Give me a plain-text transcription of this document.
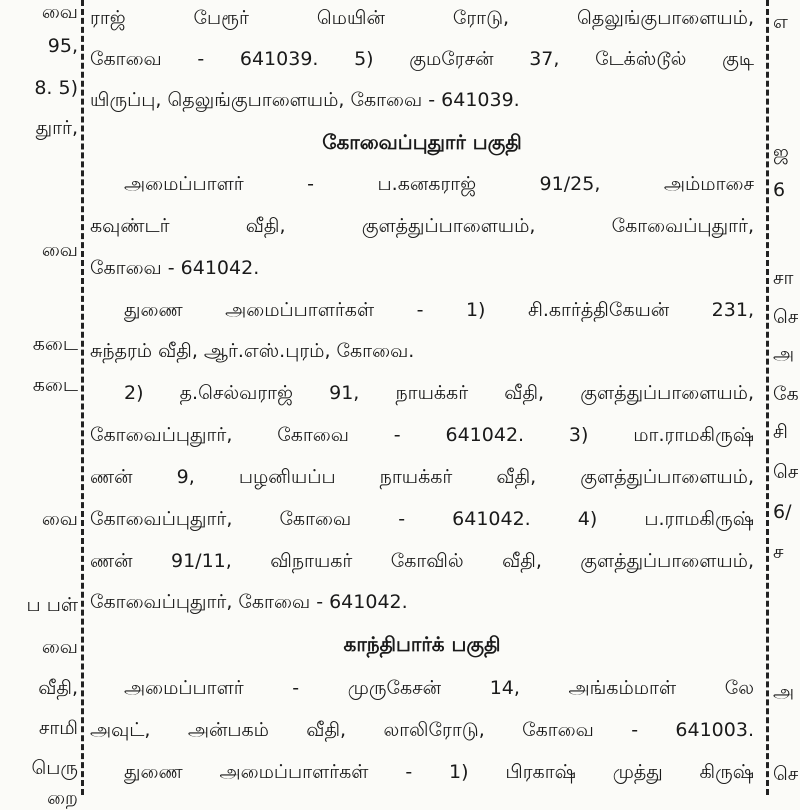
வை
95,
8. 5)
துார்,
வை
கடை
கடை
வை
ப பள்
வை
வீதி,
சாமி
பெரு
றை
ராஜ் பேரூர் மெயின் ரோடு, தெலுங்குபாளையம்,
கோவை - 641039. 5) குமரேசன் 37, டேக்ஸ்டூல் குடி
யிருப்பு, தெலுங்குபாளையம், கோவை - 641039.
கோவைப்புதுார் பகுதி
அமைப்பாளர் - ப.கனகராஜ் 91/25, அம்மாசை
கவுண்டர் வீதி, குளத்துப்பாளையம், கோவைப்புதுார்,
கோவை - 641042.
துணை அமைப்பாளர்கள் - 1) சி.கார்த்திகேயன் 231,
சுந்தரம் வீதி, ஆர்.எஸ்.புரம், கோவை.
2) த.செல்வராஜ் 91, நாயக்கர் வீதி, குளத்துப்பாளையம்,
கோவைப்புதுார், கோவை - 641042. 3) மா.ராமகிருஷ்
ணன் 9, பழனியப்ப நாயக்கர் வீதி, குளத்துப்பாளையம்,
கோவைப்புதுார், கோவை - 641042. 4) ப.ராமகிருஷ்
ணன் 91/11, விநாயகர் கோவில் வீதி, குளத்துப்பாளையம்,
கோவைப்புதுார், கோவை - 641042.
காந்திபார்க் பகுதி
அமைப்பாளர் - முருகேசன் 14, அங்கம்மாள் லே
அவுட், அன்பகம் வீதி, லாலிரோடு, கோவை - 641003.
துணை அமைப்பாளர்கள் - 1) பிரகாஷ் முத்து கிருஷ்
எ
ஜ
6
சா
செ
அ
கே
சி
செ
6/
ச
அ
செ
